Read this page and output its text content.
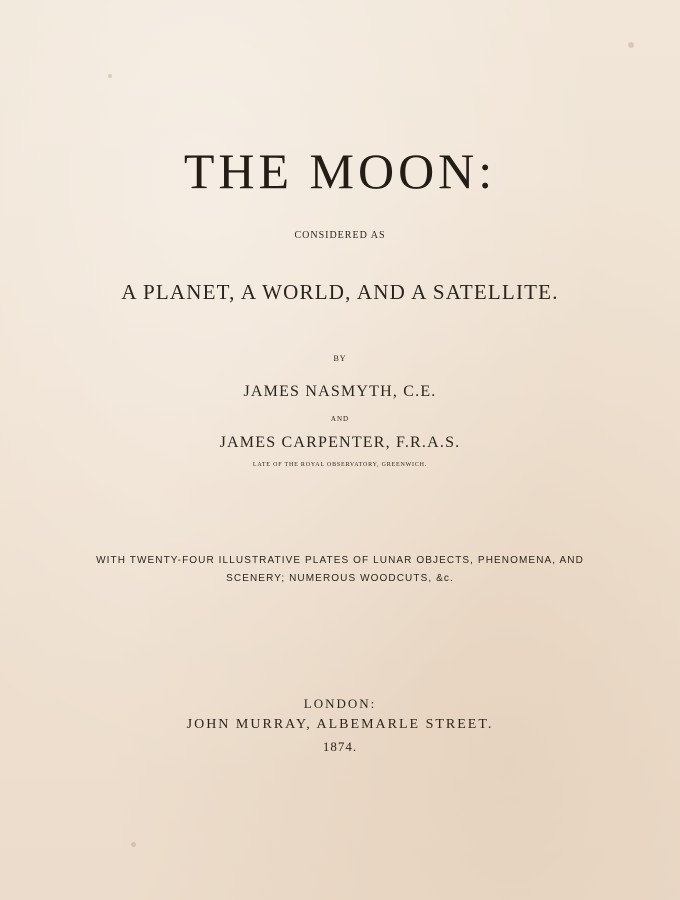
THE MOON:
CONSIDERED AS
A PLANET, A WORLD, AND A SATELLITE.
BY
JAMES NASMYTH, C.E.
AND
JAMES CARPENTER, F.R.A.S.
LATE OF THE ROYAL OBSERVATORY, GREENWICH.
WITH TWENTY-FOUR ILLUSTRATIVE PLATES OF LUNAR OBJECTS, PHENOMENA, AND
SCENERY; NUMEROUS WOODCUTS, &c.
LONDON:
JOHN MURRAY, ALBEMARLE STREET.
1874.
